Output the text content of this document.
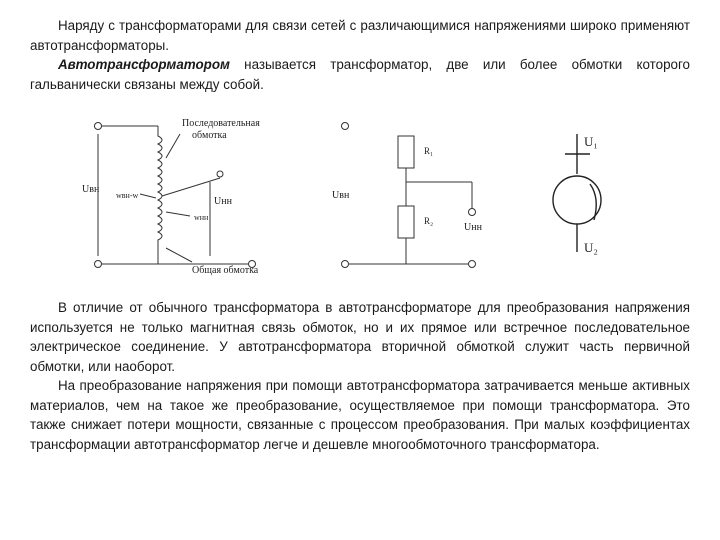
Наряду с трансформаторами для связи сетей с различающимися напряжениями широко применяют автотрансформаторы.

Автотрансформатором называется трансформатор, две или более обмотки которого гальванически связаны между собой.

Последовательная
обмотка
Общая обмотка
Uвн
Uнн
wвн-w
wнн
R₁
R₂
Uвн
Uнн
U₁
U₂

В отличие от обычного трансформатора в автотрансформаторе для преобразования напряжения используется не только магнитная связь обмоток, но и их прямое или встречное последовательное электрическое соединение. У автотрансформатора вторичной обмоткой служит часть первичной обмотки, или наоборот.

На преобразование напряжения при помощи автотрансформатора затрачивается меньше активных материалов, чем на такое же преобразование, осуществляемое при помощи трансформатора. Это также снижает потери мощности, связанные с процессом преобразования. При малых коэффициентах трансформации автотрансформатор легче и дешевле многообмоточного трансформатора.
